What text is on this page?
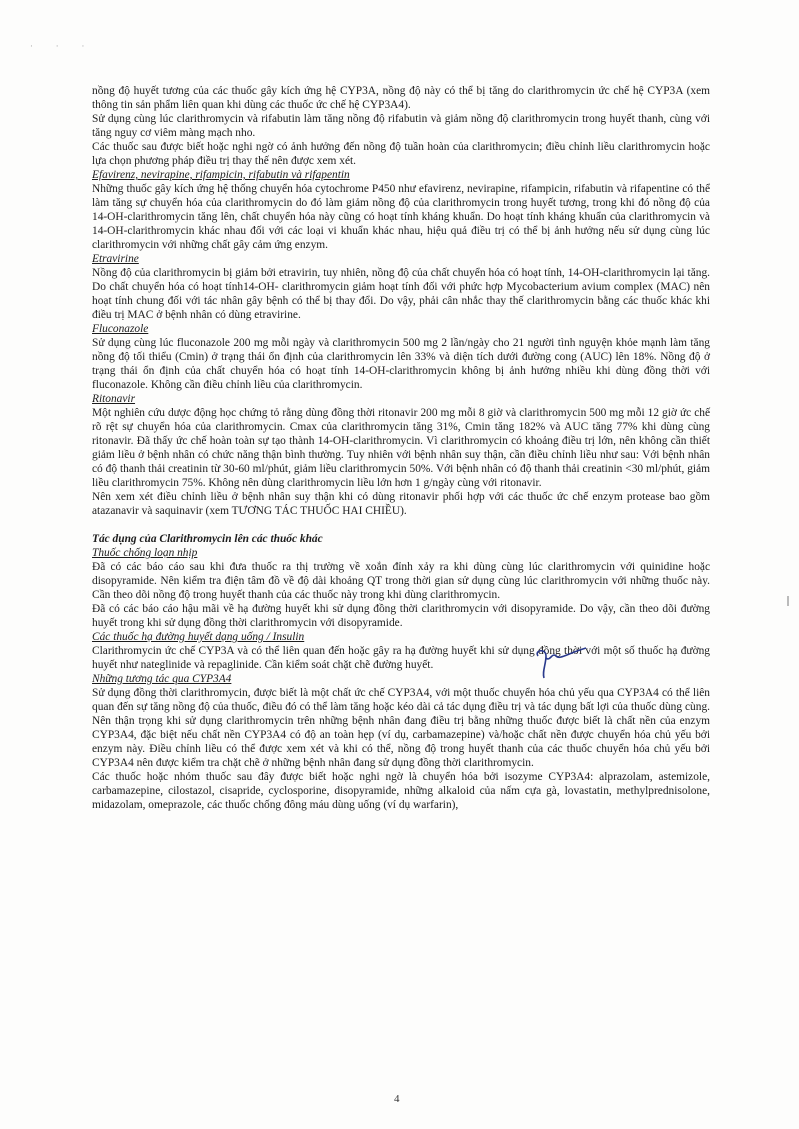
· · ·

nồng độ huyết tương của các thuốc gây kích ứng hệ CYP3A, nồng độ này có thể bị tăng do clarithromycin ức chế hệ CYP3A (xem thông tin sản phẩm liên quan khi dùng các thuốc ức chế hệ CYP3A4).

Sử dụng cùng lúc clarithromycin và rifabutin làm tăng nồng độ rifabutin và giảm nồng độ clarithromycin trong huyết thanh, cùng với tăng nguy cơ viêm màng mạch nho.

Các thuốc sau được biết hoặc nghi ngờ có ảnh hưởng đến nồng độ tuần hoàn của clarithromycin; điều chỉnh liều clarithromycin hoặc lựa chọn phương pháp điều trị thay thế nên được xem xét.

Efavirenz, nevirapine, rifampicin, rifabutin và rifapentin

Những thuốc gây kích ứng hệ thống chuyển hóa cytochrome P450 như efavirenz, nevirapine, rifampicin, rifabutin và rifapentine có thể làm tăng sự chuyển hóa của clarithromycin do đó làm giảm nồng độ của clarithromycin trong huyết tương, trong khi đó nồng độ của 14-OH-clarithromycin tăng lên, chất chuyển hóa này cũng có hoạt tính kháng khuẩn. Do hoạt tính kháng khuẩn của clarithromycin và 14-OH-clarithromycin khác nhau đối với các loại vi khuẩn khác nhau, hiệu quả điều trị có thể bị ảnh hưởng nếu sử dụng cùng lúc clarithromycin với những chất gây cảm ứng enzym.

Etravirine

Nồng độ của clarithromycin bị giảm bởi etravirin, tuy nhiên, nồng độ của chất chuyển hóa có hoạt tính, 14-OH-clarithromycin lại tăng. Do chất chuyển hóa có hoạt tính14-OH- clarithromycin giảm hoạt tính đối với phức hợp Mycobacterium avium complex (MAC) nên hoạt tính chung đối với tác nhân gây bệnh có thể bị thay đổi. Do vậy, phải cân nhắc thay thế clarithromycin bằng các thuốc khác khi điều trị MAC ở bệnh nhân có dùng etravirine.

Fluconazole

Sử dụng cùng lúc fluconazole 200 mg mỗi ngày và clarithromycin 500 mg 2 lần/ngày cho 21 người tình nguyện khỏe mạnh làm tăng nồng độ tối thiểu (Cmin) ở trạng thái ổn định của clarithromycin lên 33% và diện tích dưới đường cong (AUC) lên 18%. Nồng độ ở trạng thái ổn định của chất chuyển hóa có hoạt tính 14-OH-clarithromycin không bị ảnh hưởng nhiều khi dùng đồng thời với fluconazole. Không cần điều chỉnh liều của clarithromycin.

Ritonavir

Một nghiên cứu dược động học chứng tỏ rằng dùng đồng thời ritonavir 200 mg mỗi 8 giờ và clarithromycin 500 mg mỗi 12 giờ ức chế rõ rệt sự chuyển hóa của clarithromycin. Cmax của clarithromycin tăng 31%, Cmin tăng 182% và AUC tăng 77% khi dùng cùng ritonavir. Đã thấy ức chế hoàn toàn sự tạo thành 14-OH-clarithromycin. Vì clarithromycin có khoảng điều trị lớn, nên không cần thiết giảm liều ở bệnh nhân có chức năng thận bình thường. Tuy nhiên với bệnh nhân suy thận, cần điều chỉnh liều như sau: Với bệnh nhân có độ thanh thải creatinin từ 30-60 ml/phút, giảm liều clarithromycin 50%. Với bệnh nhân có độ thanh thải creatinin <30 ml/phút, giảm liều clarithromycin 75%. Không nên dùng clarithromycin liều lớn hơn 1 g/ngày cùng với ritonavir.

Nên xem xét điều chỉnh liều ở bệnh nhân suy thận khi có dùng ritonavir phối hợp với các thuốc ức chế enzym protease bao gồm atazanavir và saquinavir (xem TƯƠNG TÁC THUỐC HAI CHIỀU).

Tác dụng của Clarithromycin lên các thuốc khác

Thuốc chống loạn nhịp

Đã có các báo cáo sau khi đưa thuốc ra thị trường về xoắn đỉnh xảy ra khi dùng cùng lúc clarithromycin với quinidine hoặc disopyramide. Nên kiểm tra điện tâm đồ về độ dài khoảng QT trong thời gian sử dụng cùng lúc clarithromycin với những thuốc này. Cần theo dõi nồng độ trong huyết thanh của các thuốc này trong khi dùng clarithromycin.

Đã có các báo cáo hậu mãi về hạ đường huyết khi sử dụng đồng thời clarithromycin với disopyramide. Do vậy, cần theo dõi đường huyết trong khi sử dụng đồng thời clarithromycin với disopyramide.

Các thuốc hạ đường huyết dạng uống / Insulin

Clarithromycin ức chế CYP3A và có thể liên quan đến hoặc gây ra hạ đường huyết khi sử dụng đồng thời với một số thuốc hạ đường huyết như nateglinide và repaglinide. Cần kiểm soát chặt chẽ đường huyết.

Những tương tác qua CYP3A4

Sử dụng đồng thời clarithromycin, được biết là một chất ức chế CYP3A4, với một thuốc chuyển hóa chủ yếu qua CYP3A4 có thể liên quan đến sự tăng nồng độ của thuốc, điều đó có thể làm tăng hoặc kéo dài cả tác dụng điều trị và tác dụng bất lợi của thuốc dùng cùng. Nên thận trọng khi sử dụng clarithromycin trên những bệnh nhân đang điều trị bằng những thuốc được biết là chất nền của enzym CYP3A4, đặc biệt nếu chất nền CYP3A4 có độ an toàn hẹp (ví dụ, carbamazepine) và/hoặc chất nền được chuyển hóa chủ yếu bởi enzym này. Điều chỉnh liều có thể được xem xét và khi có thể, nồng độ trong huyết thanh của các thuốc chuyển hóa chủ yếu bởi CYP3A4 nên được kiểm tra chặt chẽ ở những bệnh nhân đang sử dụng đồng thời clarithromycin.

Các thuốc hoặc nhóm thuốc sau đây được biết hoặc nghi ngờ là chuyển hóa bởi isozyme CYP3A4: alprazolam, astemizole, carbamazepine, cilostazol, cisapride, cyclosporine, disopyramide, những alkaloid của nấm cựa gà, lovastatin, methylprednisolone, midazolam, omeprazole, các thuốc chống đông máu dùng uống (ví dụ warfarin),

4
